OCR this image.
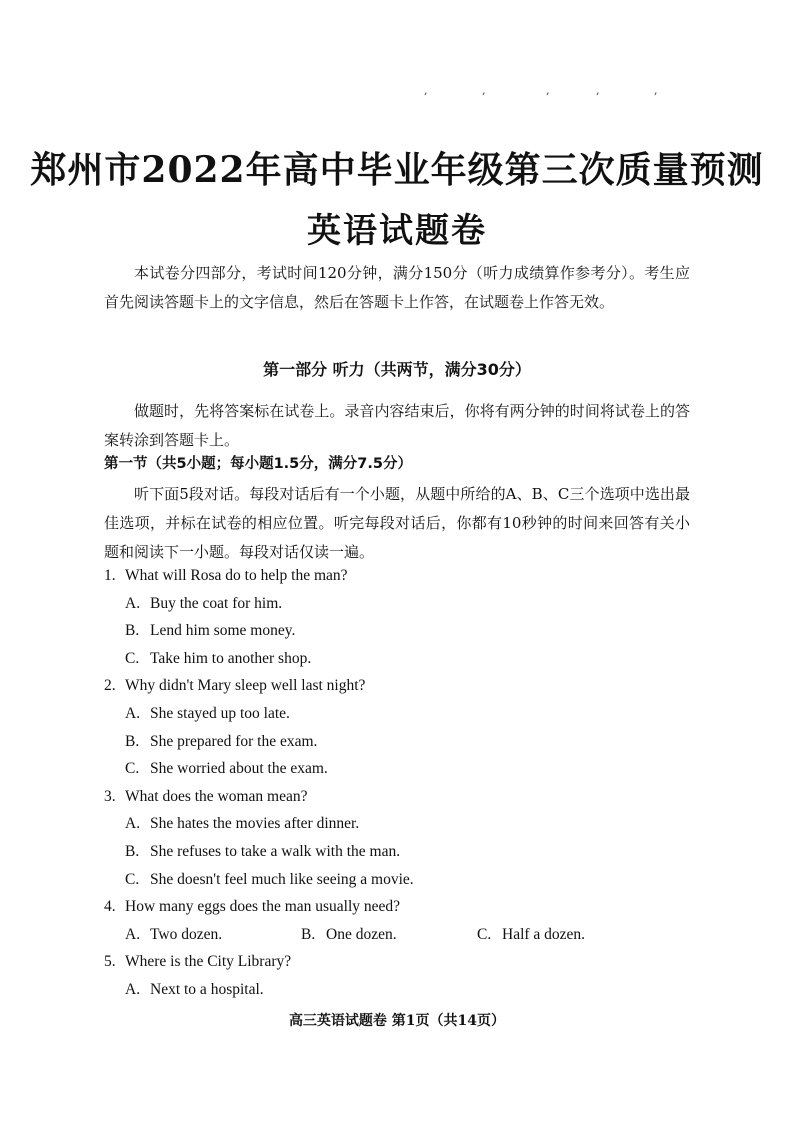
,	,	,	,	,
郑州市2022年高中毕业年级第三次质量预测
英语试题卷
本试卷分四部分，考试时间120分钟，满分150分（听力成绩算作参考分）。考生应首先阅读答题卡上的文字信息，然后在答题卡上作答，在试题卷上作答无效。
第一部分 听力（共两节，满分30分）
做题时，先将答案标在试卷上。录音内容结束后，你将有两分钟的时间将试卷上的答案转涂到答题卡上。
第一节（共5小题；每小题1.5分，满分7.5分）
听下面5段对话。每段对话后有一个小题，从题中所给的A、B、C三个选项中选出最佳选项，并标在试卷的相应位置。听完每段对话后，你都有10秒钟的时间来回答有关小题和阅读下一小题。每段对话仅读一遍。
1. What will Rosa do to help the man?
A. Buy the coat for him.
B. Lend him some money.
C. Take him to another shop.
2. Why didn't Mary sleep well last night?
A. She stayed up too late.
B. She prepared for the exam.
C. She worried about the exam.
3. What does the woman mean?
A. She hates the movies after dinner.
B. She refuses to take a walk with the man.
C. She doesn't feel much like seeing a movie.
4. How many eggs does the man usually need?
A. Two dozen.	B. One dozen.	C. Half a dozen.
5. Where is the City Library?
A. Next to a hospital.
高三英语试题卷 第1页（共14页）
